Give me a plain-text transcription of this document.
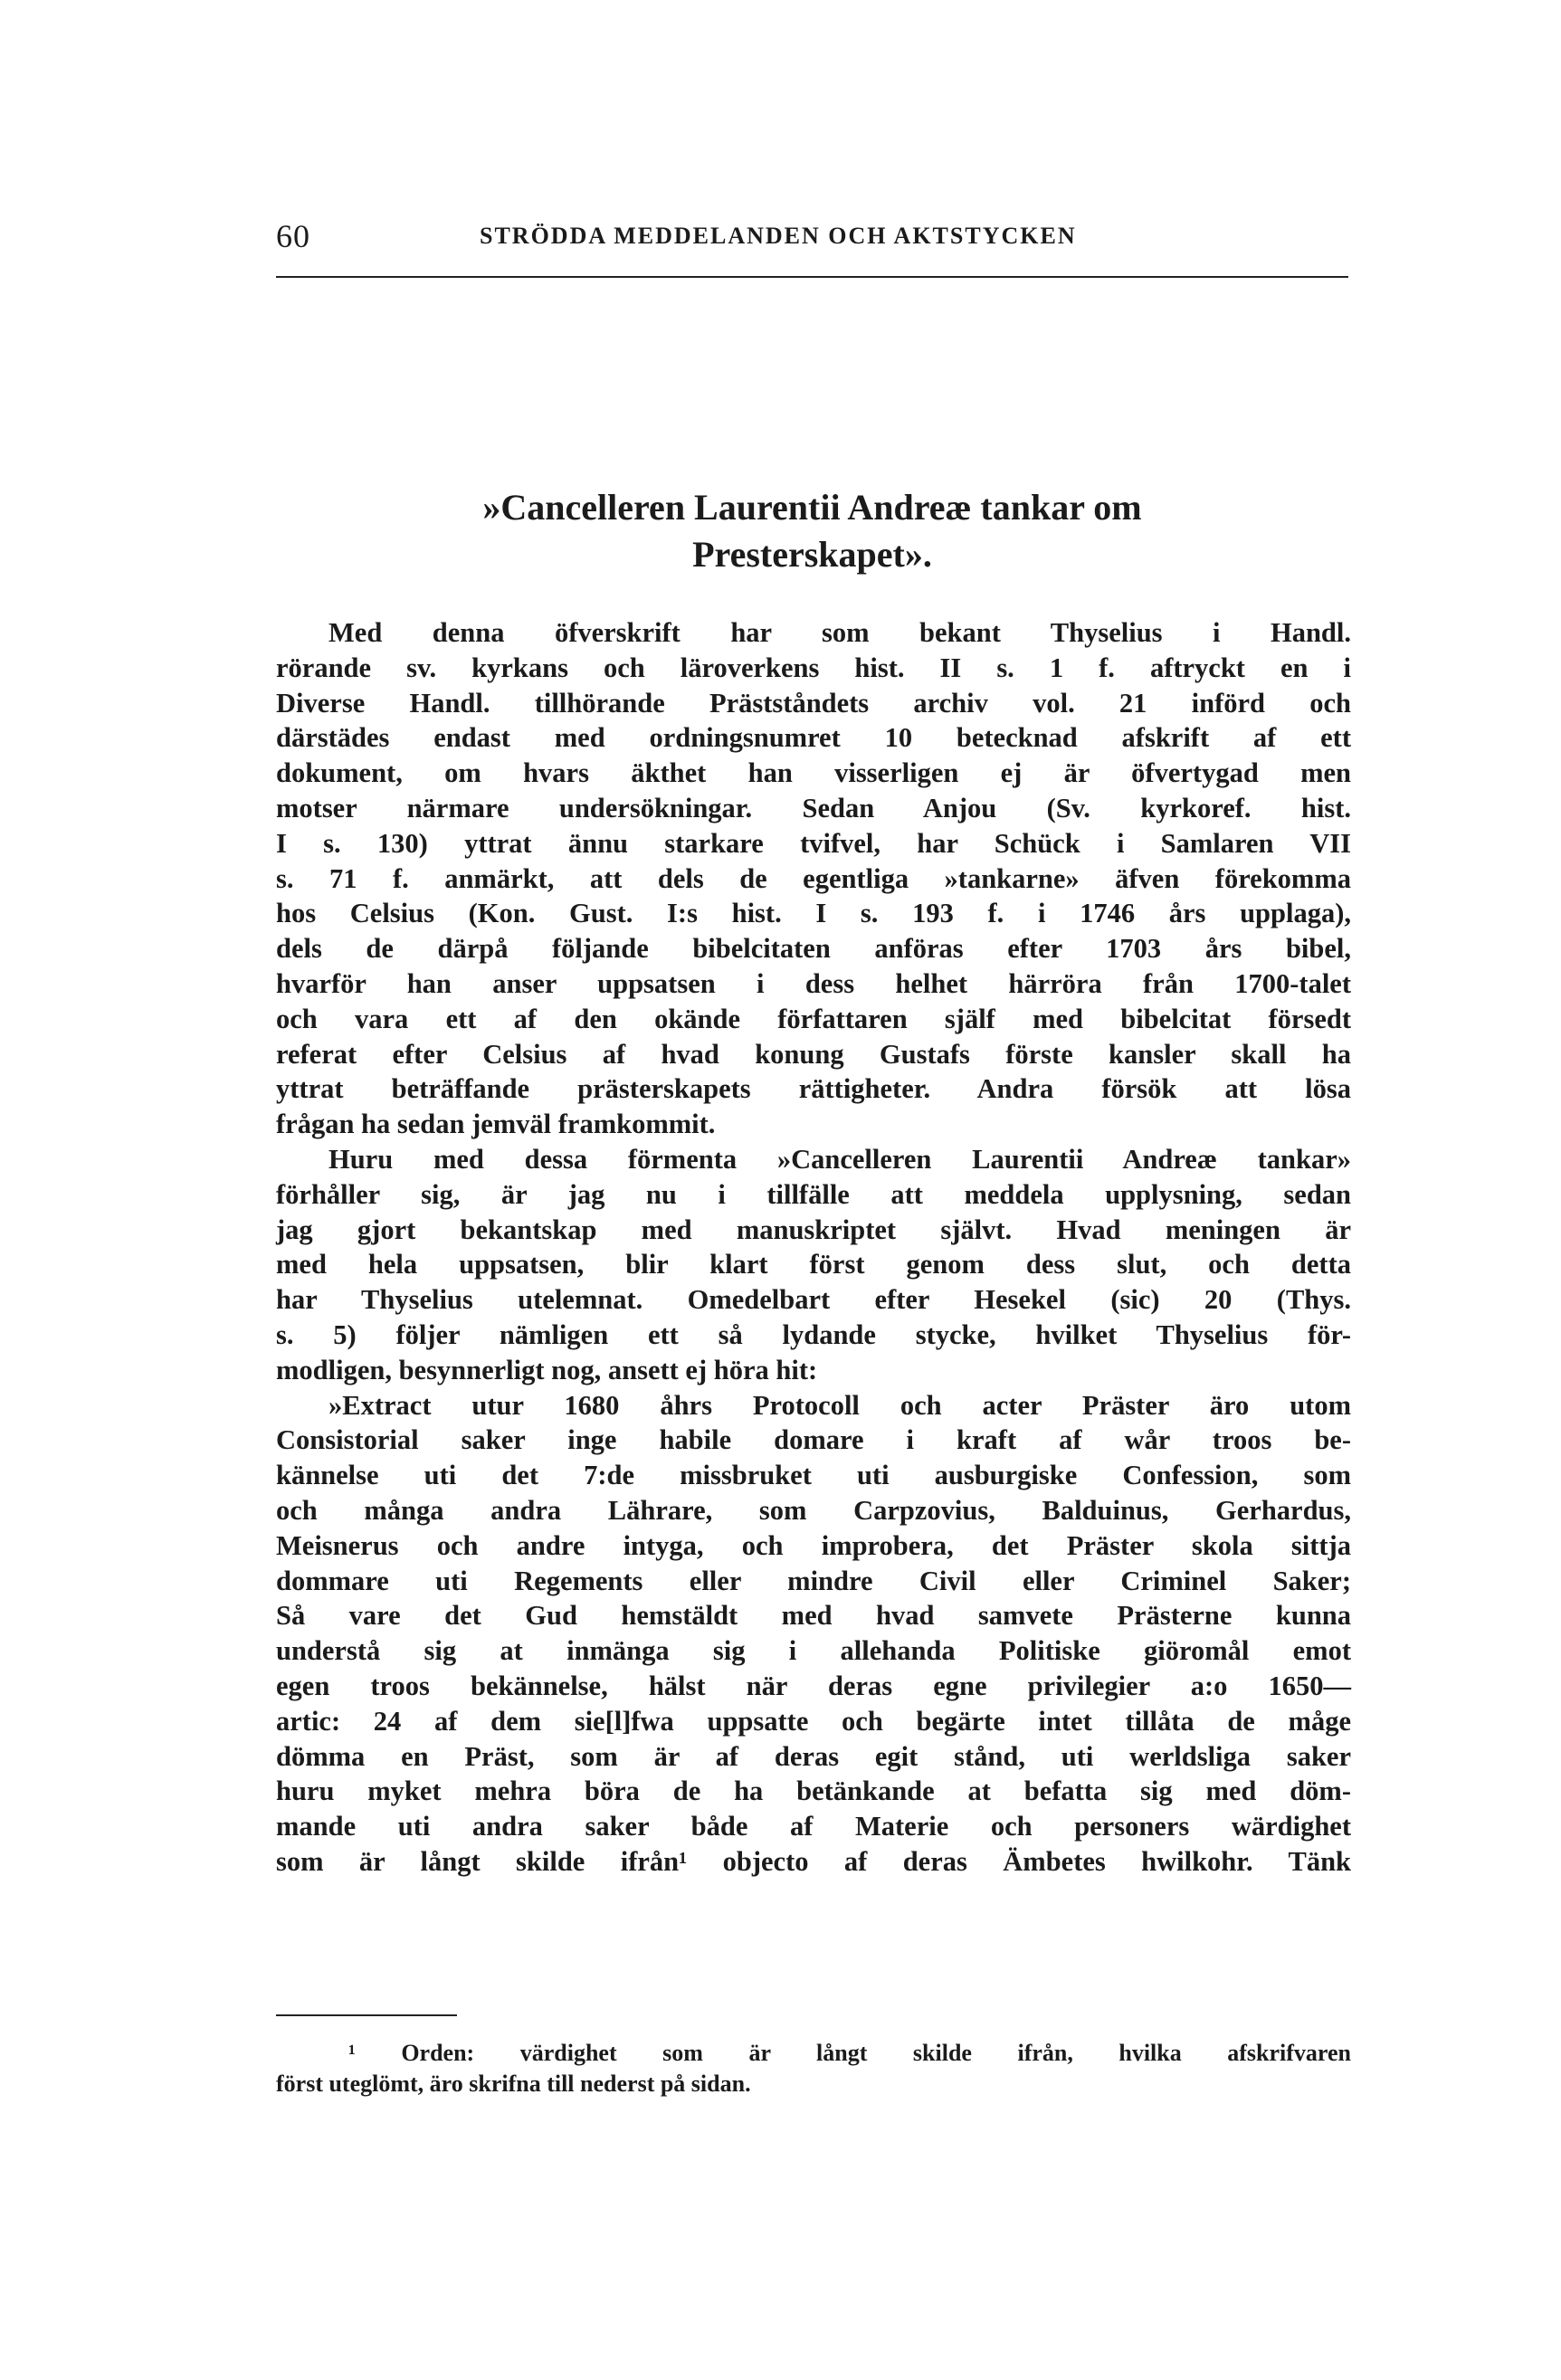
60	STRÖDDA MEDDELANDEN OCH AKTSTYCKEN
»Cancelleren Laurentii Andreæ tankar om
Presterskapet».
Med denna öfverskrift har som bekant Thyselius i Handl.
rörande sv. kyrkans och läroverkens hist. II s. 1 f. aftryckt en i
Diverse Handl. tillhörande Prästståndets archiv vol. 21 införd och
därstädes endast med ordningsnumret 10 betecknad afskrift af ett
dokument, om hvars äkthet han visserligen ej är öfvertygad men
motser närmare undersökningar. Sedan Anjou (Sv. kyrkoref. hist.
I s. 130) yttrat ännu starkare tvifvel, har Schück i Samlaren VII
s. 71 f. anmärkt, att dels de egentliga »tankarne» äfven förekomma
hos Celsius (Kon. Gust. I:s hist. I s. 193 f. i 1746 års upplaga),
dels de därpå följande bibelcitaten anföras efter 1703 års bibel,
hvarför han anser uppsatsen i dess helhet härröra från 1700-talet
och vara ett af den okände författaren själf med bibelcitat försedt
referat efter Celsius af hvad konung Gustafs förste kansler skall ha
yttrat beträffande prästerskapets rättigheter. Andra försök att lösa
frågan ha sedan jemväl framkommit.
Huru med dessa förmenta »Cancelleren Laurentii Andreæ tankar»
förhåller sig, är jag nu i tillfälle att meddela upplysning, sedan
jag gjort bekantskap med manuskriptet självt. Hvad meningen är
med hela uppsatsen, blir klart först genom dess slut, och detta
har Thyselius utelemnat. Omedelbart efter Hesekel (sic) 20 (Thys.
s. 5) följer nämligen ett så lydande stycke, hvilket Thyselius för-
modligen, besynnerligt nog, ansett ej höra hit:
»Extract utur 1680 åhrs Protocoll och acter Präster äro utom
Consistorial saker inge habile domare i kraft af wår troos be-
kännelse uti det 7:de missbruket uti ausburgiske Confession, som
och många andra Lährare, som Carpzovius, Balduinus, Gerhardus,
Meisnerus och andre intyga, och improbera, det Präster skola sittja
dommare uti Regements eller mindre Civil eller Criminel Saker;
Så vare det Gud hemstäldt med hvad samvete Prästerne kunna
understå sig at inmänga sig i allehanda Politiske giöromål emot
egen troos bekännelse, hälst när deras egne privilegier a:o 1650—
artic: 24 af dem sie[l]fwa uppsatte och begärte intet tillåta de måge
dömma en Präst, som är af deras egit stånd, uti werldsliga saker
huru myket mehra böra de ha betänkande at befatta sig med döm-
mande uti andra saker både af Materie och personers wärdighet
som är långt skilde ifrån¹ objecto af deras Ämbetes hwilkohr. Tänk
¹ Orden: värdighet som är långt skilde ifrån, hvilka afskrifvaren
först uteglömt, äro skrifna till nederst på sidan.
